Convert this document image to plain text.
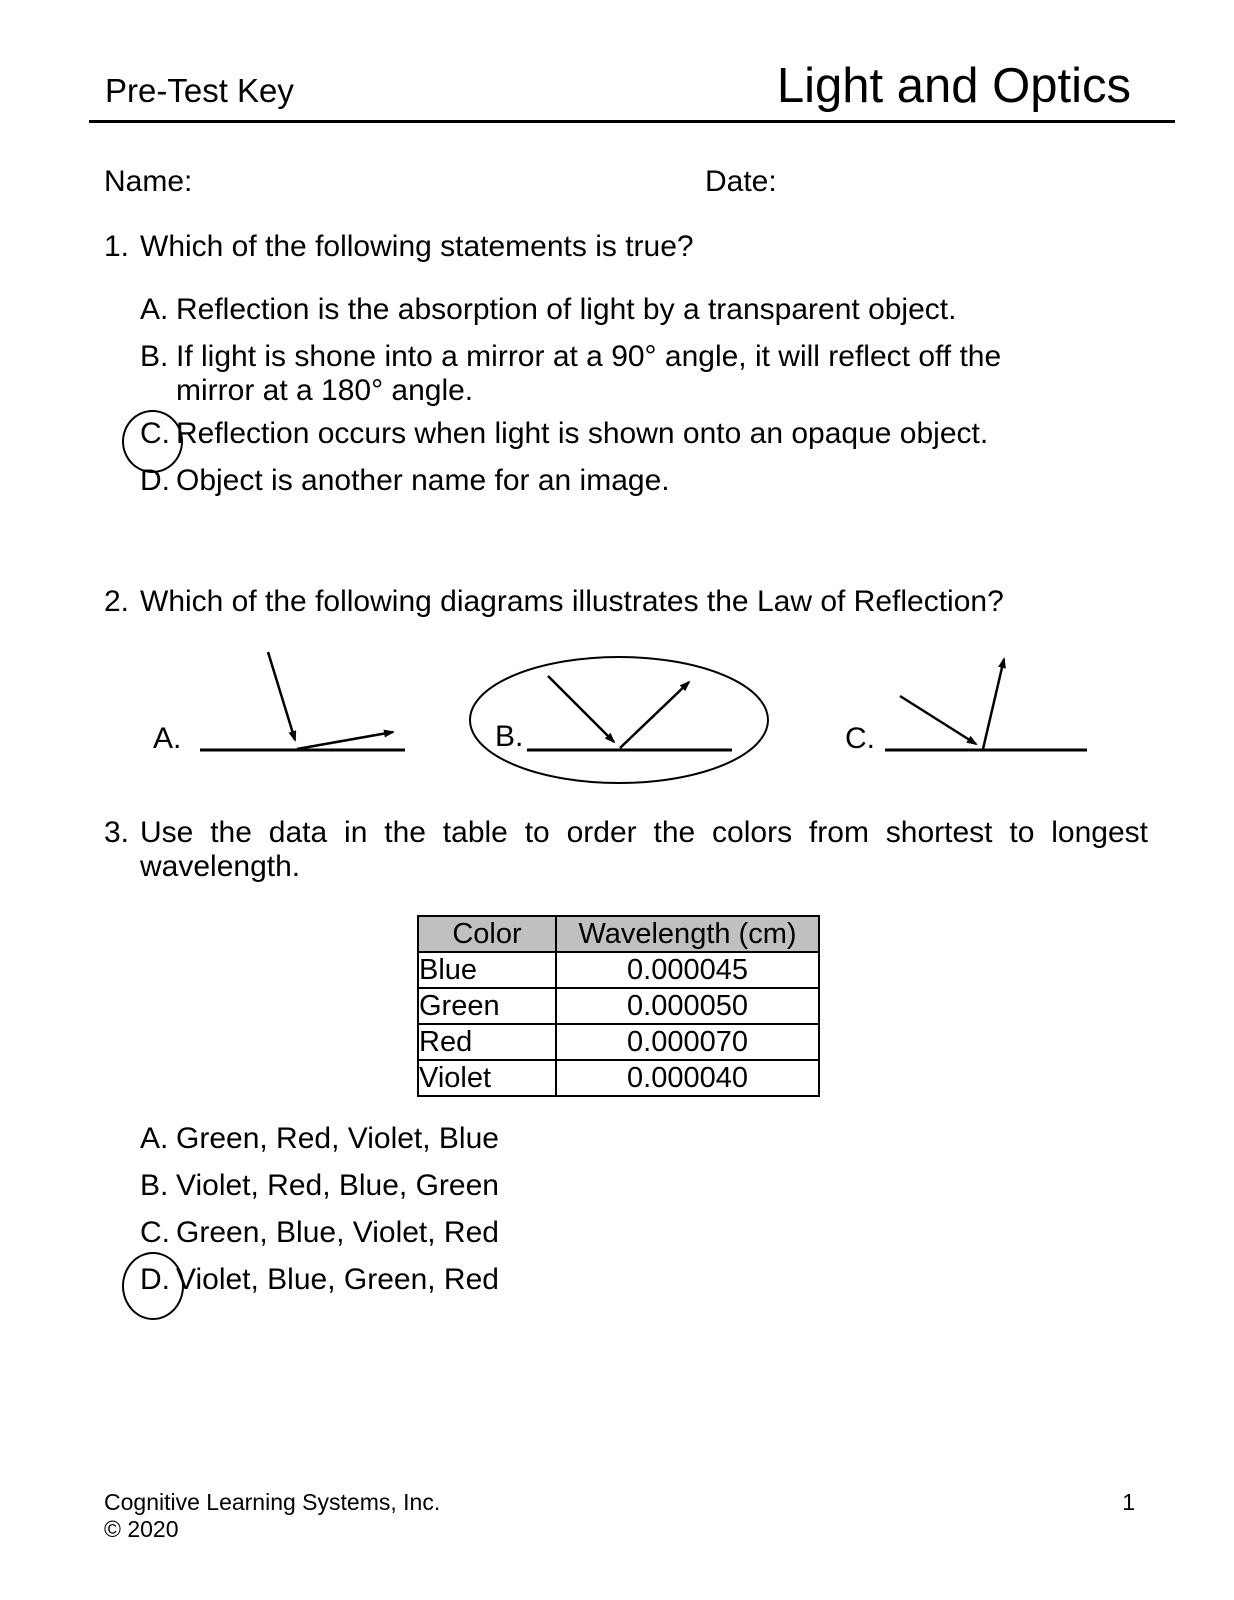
Pre-Test Key	Light and Optics
Name:	Date:
1. Which of the following statements is true?
A. Reflection is the absorption of light by a transparent object.
B. If light is shone into a mirror at a 90° angle, it will reflect off the mirror at a 180° angle.
C. Reflection occurs when light is shown onto an opaque object.
D. Object is another name for an image.
2. Which of the following diagrams illustrates the Law of Reflection?
A.	B.	C.
3. Use the data in the table to order the colors from shortest to longest
wavelength.
Color	Wavelength (cm)
Blue	0.000045
Green	0.000050
Red	0.000070
Violet	0.000040
A. Green, Red, Violet, Blue
B. Violet, Red, Blue, Green
C. Green, Blue, Violet, Red
D. Violet, Blue, Green, Red
Cognitive Learning Systems, Inc.
© 2020
1
